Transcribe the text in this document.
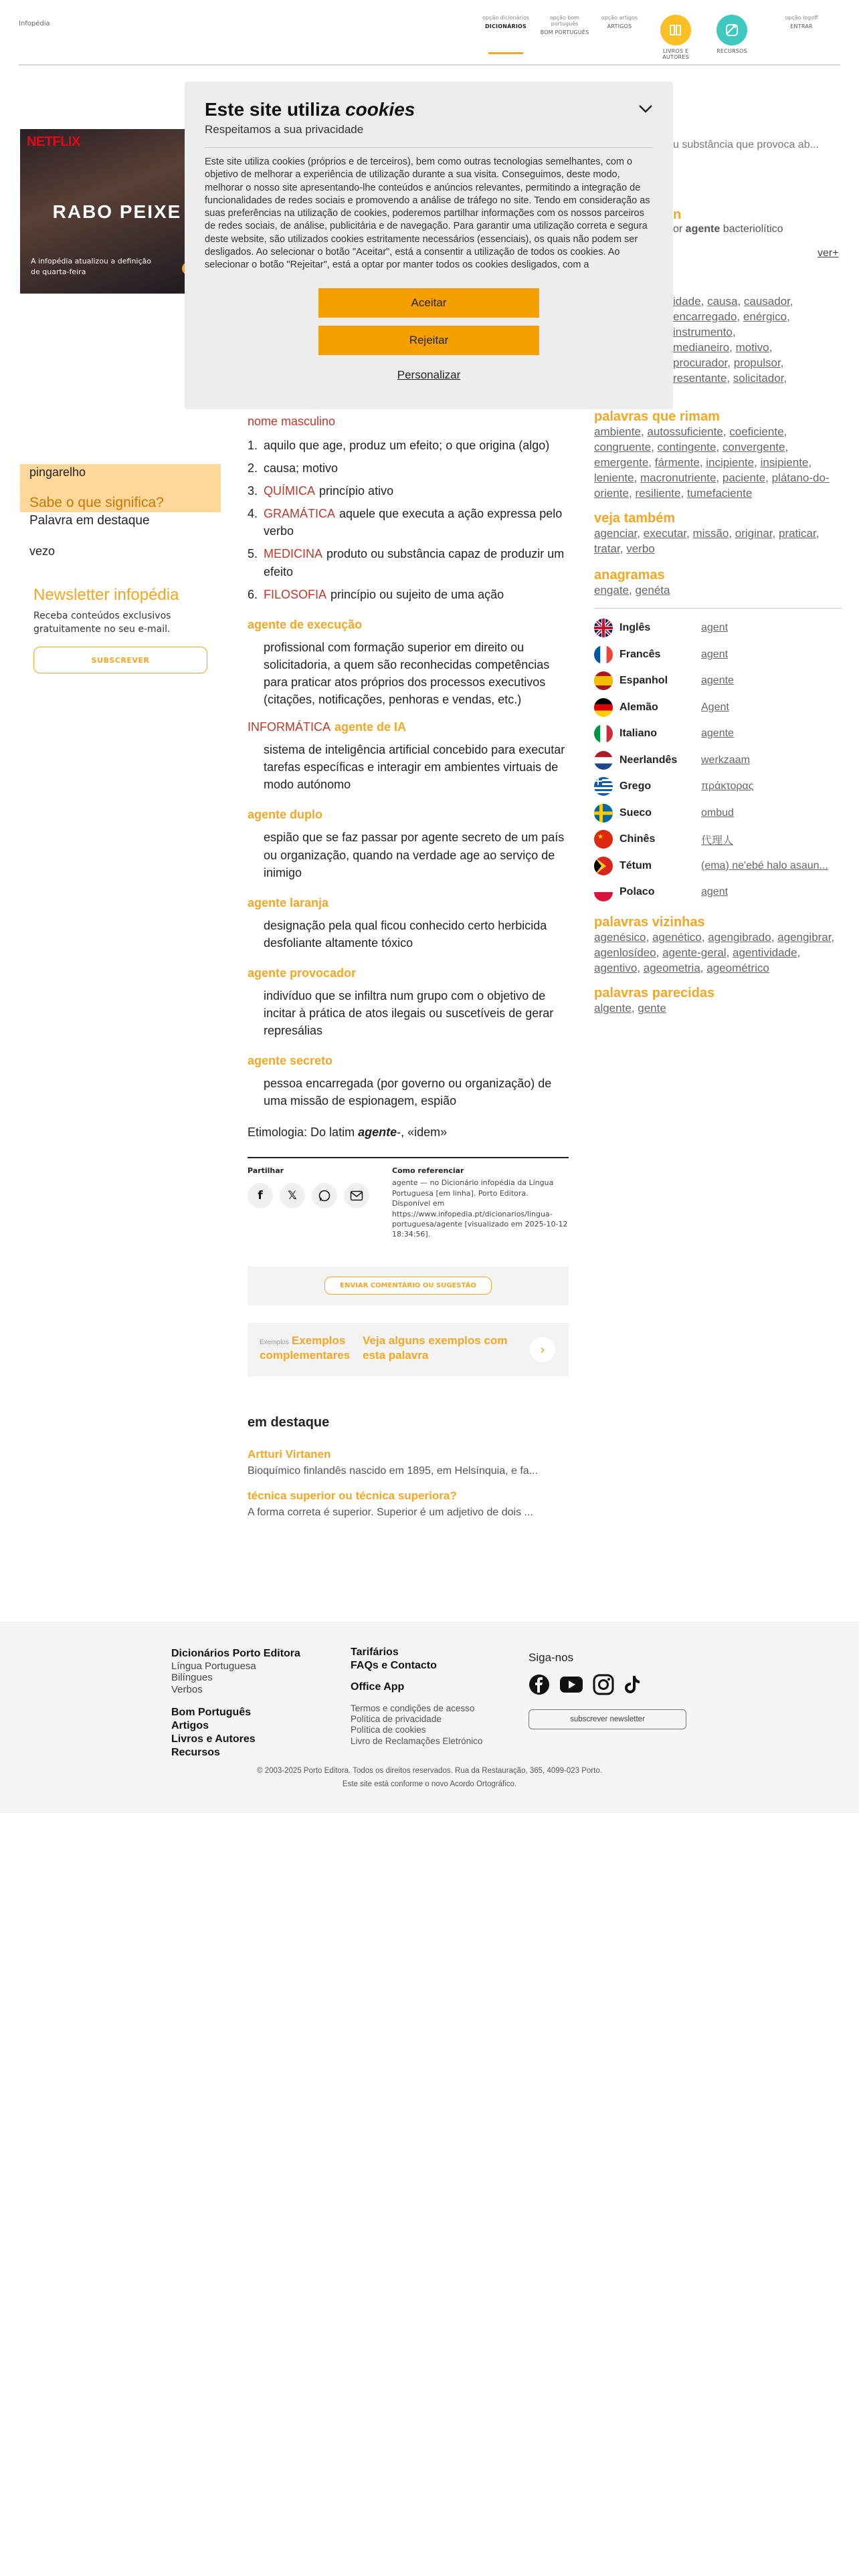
Infopédia
opção dicionários
DICIONÁRIOS
opção bom português
BOM PORTUGUÊS
opção artigos
ARTIGOS
LIVROS E AUTORES
RECURSOS
opção logoff
ENTRAR
NETFLIX
RABO PEIXE
A infopédia atualizou a definição de quarta-feira
pingarelho
Sabe o que significa?
Palavra em destaque
vezo
Newsletter infopédia

Receba conteúdos exclusivos gratuitamente no seu e-mail.

SUBSCREVER
nome masculino
1. aquilo que age, produz um efeito; o que origina (algo)
2. causa; motivo
3. QUÍMICA princípio ativo
4. GRAMÁTICA aquele que executa a ação expressa pelo verbo
5. MEDICINA produto ou substância capaz de produzir um efeito
6. FILOSOFIA princípio ou sujeito de uma ação
agente de execução
profissional com formação superior em direito ou solicitadoria, a quem são reconhecidas competências para praticar atos próprios dos processos executivos (citações, notificações, penhoras e vendas, etc.)
INFORMÁTICA agente de IA
sistema de inteligência artificial concebido para executar tarefas específicas e interagir em ambientes virtuais de modo autónomo
agente duplo
espião que se faz passar por agente secreto de um país ou organização, quando na verdade age ao serviço de inimigo
agente laranja
designação pela qual ficou conhecido certo herbicida desfoliante altamente tóxico
agente provocador
indivíduo que se infiltra num grupo com o objetivo de incitar à prática de atos ilegais ou suscetíveis de gerar represálias
agente secreto
pessoa encarregada (por governo ou organização) de uma missão de espionagem, espião
Etimologia: Do latim agente-, «idem»
Partilhar
f	𝕏
Como referenciar

agente — no Dicionário infopédia da Língua Portuguesa [em linha]. Porto Editora. Disponível em https://www.infopedia.pt/dicionarios/lingua-portuguesa/agente [visualizado em 2025-10-12 18:34:56].

ENVIAR COMENTÁRIO OU SUGESTÃO
Exemplos Exemplos complementares
Veja alguns exemplos com esta palavra	›
em destaque
Artturi Virtanen
Bioquímico finlandês nascido em 1895, em Helsínquia, e fa...
técnica superior ou técnica superiora?
A forma correta é superior. Superior é um adjetivo de dois ...
u substância que provoca ab...
n
or agente bacteriolítico
ver+
idade, causa, causador,
encarregado, enérgico,
instrumento,
medianeiro, motivo,
procurador, propulsor,
resentante, solicitador,
palavras que rimam
ambiente, autossuficiente, coeficiente, congruente, contingente, convergente, emergente, fármente, incipiente, insipiente, leniente, macronutriente, paciente, plátano-do-oriente, resiliente, tumefaciente
veja também
agenciar, executar, missão, originar, praticar, tratar, verbo
anagramas
engate, genéta
Inglês	agent
Francês	agent
Espanhol	agente
Alemão	Agent
Italiano	agente
Neerlandês	werkzaam
Grego	πράκτορας
Sueco	ombud
★ Chinês	代理人
Tétum	(ema) ne'ebé halo asaun...
Polaco	agent
palavras vizinhas
agenésico, agenético, agengibrado, agengibrar, agenlosídeo, agente-geral, agentividade, agentivo, ageometria, ageométrico
palavras parecidas
algente, gente
Este site utiliza cookies
Respeitamos a sua privacidade
Este site utiliza cookies (próprios e de terceiros), bem como outras tecnologias semelhantes, com o objetivo de melhorar a experiência de utilização durante a sua visita. Conseguimos, deste modo, melhorar o nosso site apresentando-lhe conteúdos e anúncios relevantes, permitindo a integração de funcionalidades de redes sociais e promovendo a análise de tráfego no site. Tendo em consideração as suas preferências na utilização de cookies, poderemos partilhar informações com os nossos parceiros de redes sociais, de análise, publicitária e de navegação. Para garantir uma utilização correta e segura deste website, são utilizados cookies estritamente necessários (essenciais), os quais não podem ser desligados. Ao selecionar o botão "Aceitar", está a consentir a utilização de todos os cookies. Ao selecionar o botão "Rejeitar", está a optar por manter todos os cookies desligados, com a
Aceitar
Rejeitar
Personalizar
Dicionários Porto Editora
Língua Portuguesa
Bilíngues
Verbos
Bom Português
Artigos
Livros e Autores
Recursos
Tarifários
FAQs e Contacto
Office App
Termos e condições de acesso
Política de privacidade
Política de cookies
Livro de Reclamações Eletrónico
Siga-nos
subscrever newsletter
© 2003-2025 Porto Editora. Todos os direitos reservados. Rua da Restauração, 365, 4099-023 Porto.
Este site está conforme o novo Acordo Ortográfico.
